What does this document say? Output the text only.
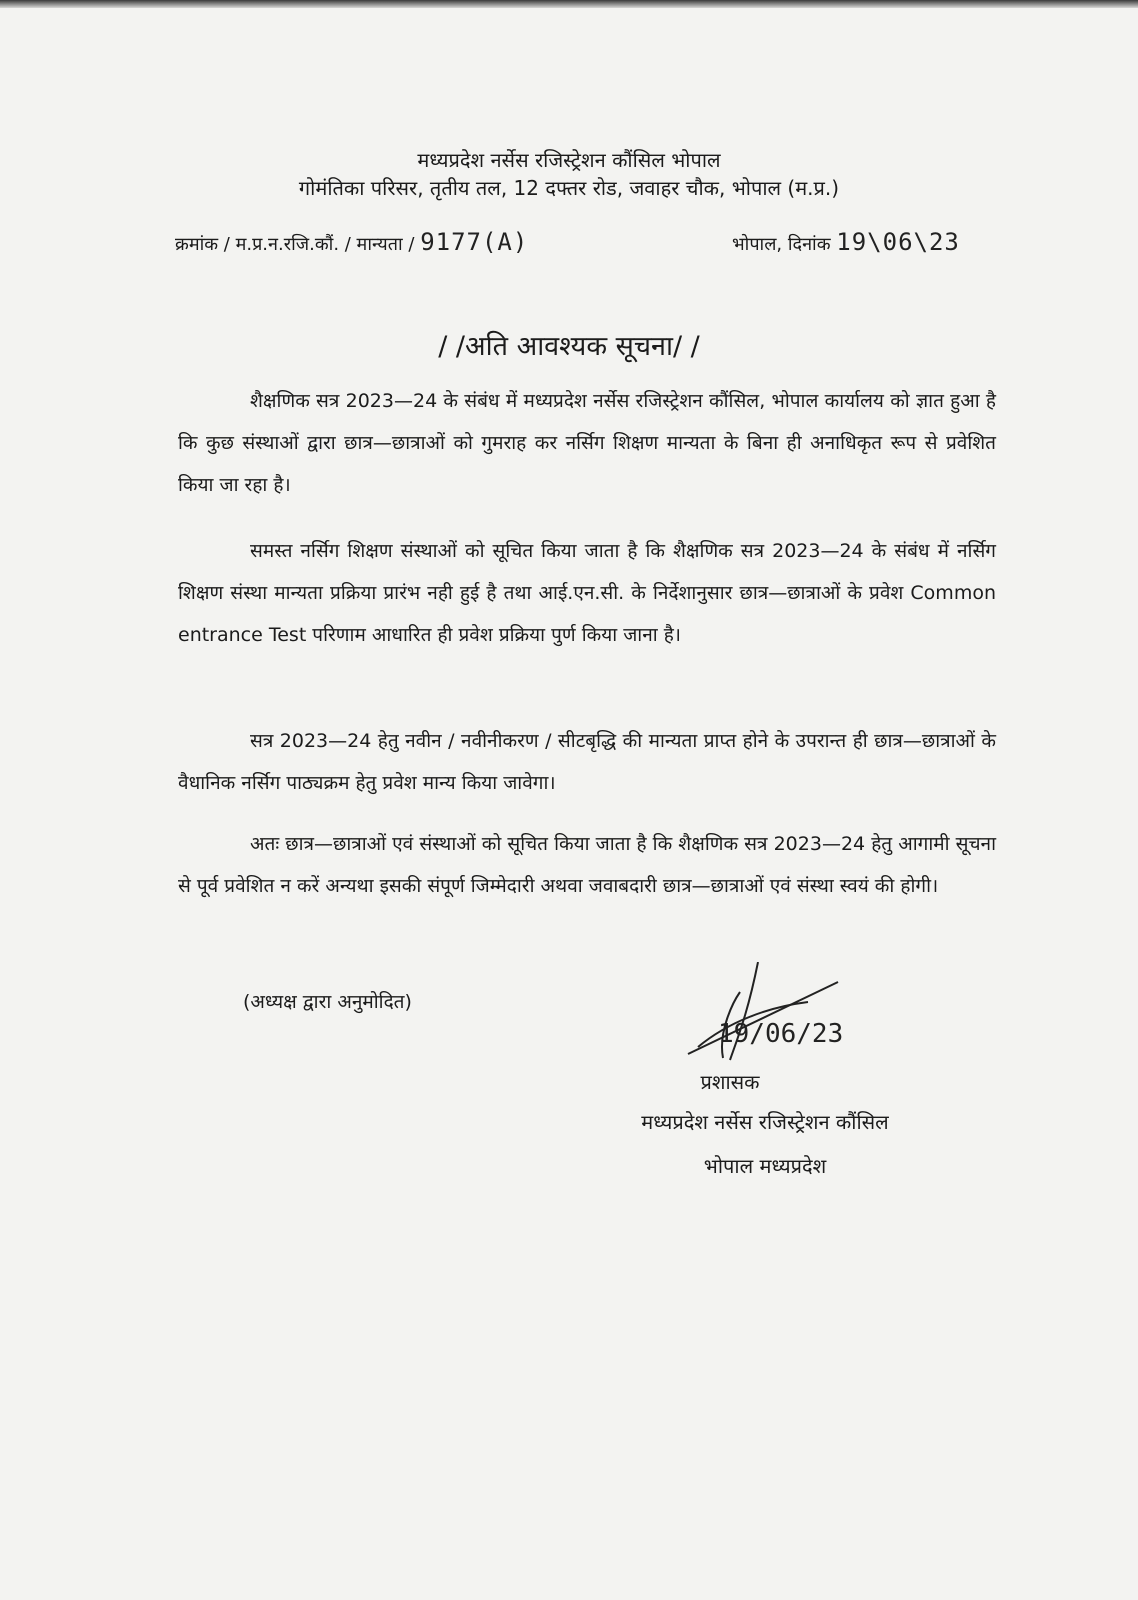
मध्यप्रदेश नर्सेस रजिस्ट्रेशन कौंसिल भोपाल
गोमंतिका परिसर, तृतीय तल, 12 दफ्तर रोड, जवाहर चौक, भोपाल (म.प्र.)
क्रमांक / म.प्र.न.रजि.कौं. / मान्यता / 9177(A)	भोपाल, दिनांक 19\06\23
/ /अति आवश्यक सूचना/ /

शैक्षणिक सत्र 2023—24 के संबंध में मध्यप्रदेश नर्सेस रजिस्ट्रेशन कौंसिल, भोपाल कार्यालय को ज्ञात हुआ है कि कुछ संस्थाओं द्वारा छात्र—छात्राओं को गुमराह कर नर्सिग शिक्षण मान्यता के बिना ही अनाधिकृत रूप से प्रवेशित किया जा रहा है।

समस्त नर्सिग शिक्षण संस्थाओं को सूचित किया जाता है कि शैक्षणिक सत्र 2023—24 के संबंध में नर्सिग शिक्षण संस्था मान्यता प्रक्रिया प्रारंभ नही हुई है तथा आई.एन.सी. के निर्देशानुसार छात्र—छात्राओं के प्रवेश Common entrance Test परिणाम आधारित ही प्रवेश प्रक्रिया पुर्ण किया जाना है।

सत्र 2023—24 हेतु नवीन / नवीनीकरण / सीटबृद्धि की मान्यता प्राप्त होने के उपरान्त ही छात्र—छात्राओं के वैधानिक नर्सिग पाठ्यक्रम हेतु प्रवेश मान्य किया जावेगा।

अतः छात्र—छात्राओं एवं संस्थाओं को सूचित किया जाता है कि शैक्षणिक सत्र 2023—24 हेतु आगामी सूचना से पूर्व प्रवेशित न करें अन्यथा इसकी संपूर्ण जिम्मेदारी अथवा जवाबदारी छात्र—छात्राओं एवं संस्था स्वयं की होगी।

(अध्यक्ष द्वारा अनुमोदित)
19/06/23
प्रशासक
मध्यप्रदेश नर्सेस रजिस्ट्रेशन कौंसिल
भोपाल मध्यप्रदेश
